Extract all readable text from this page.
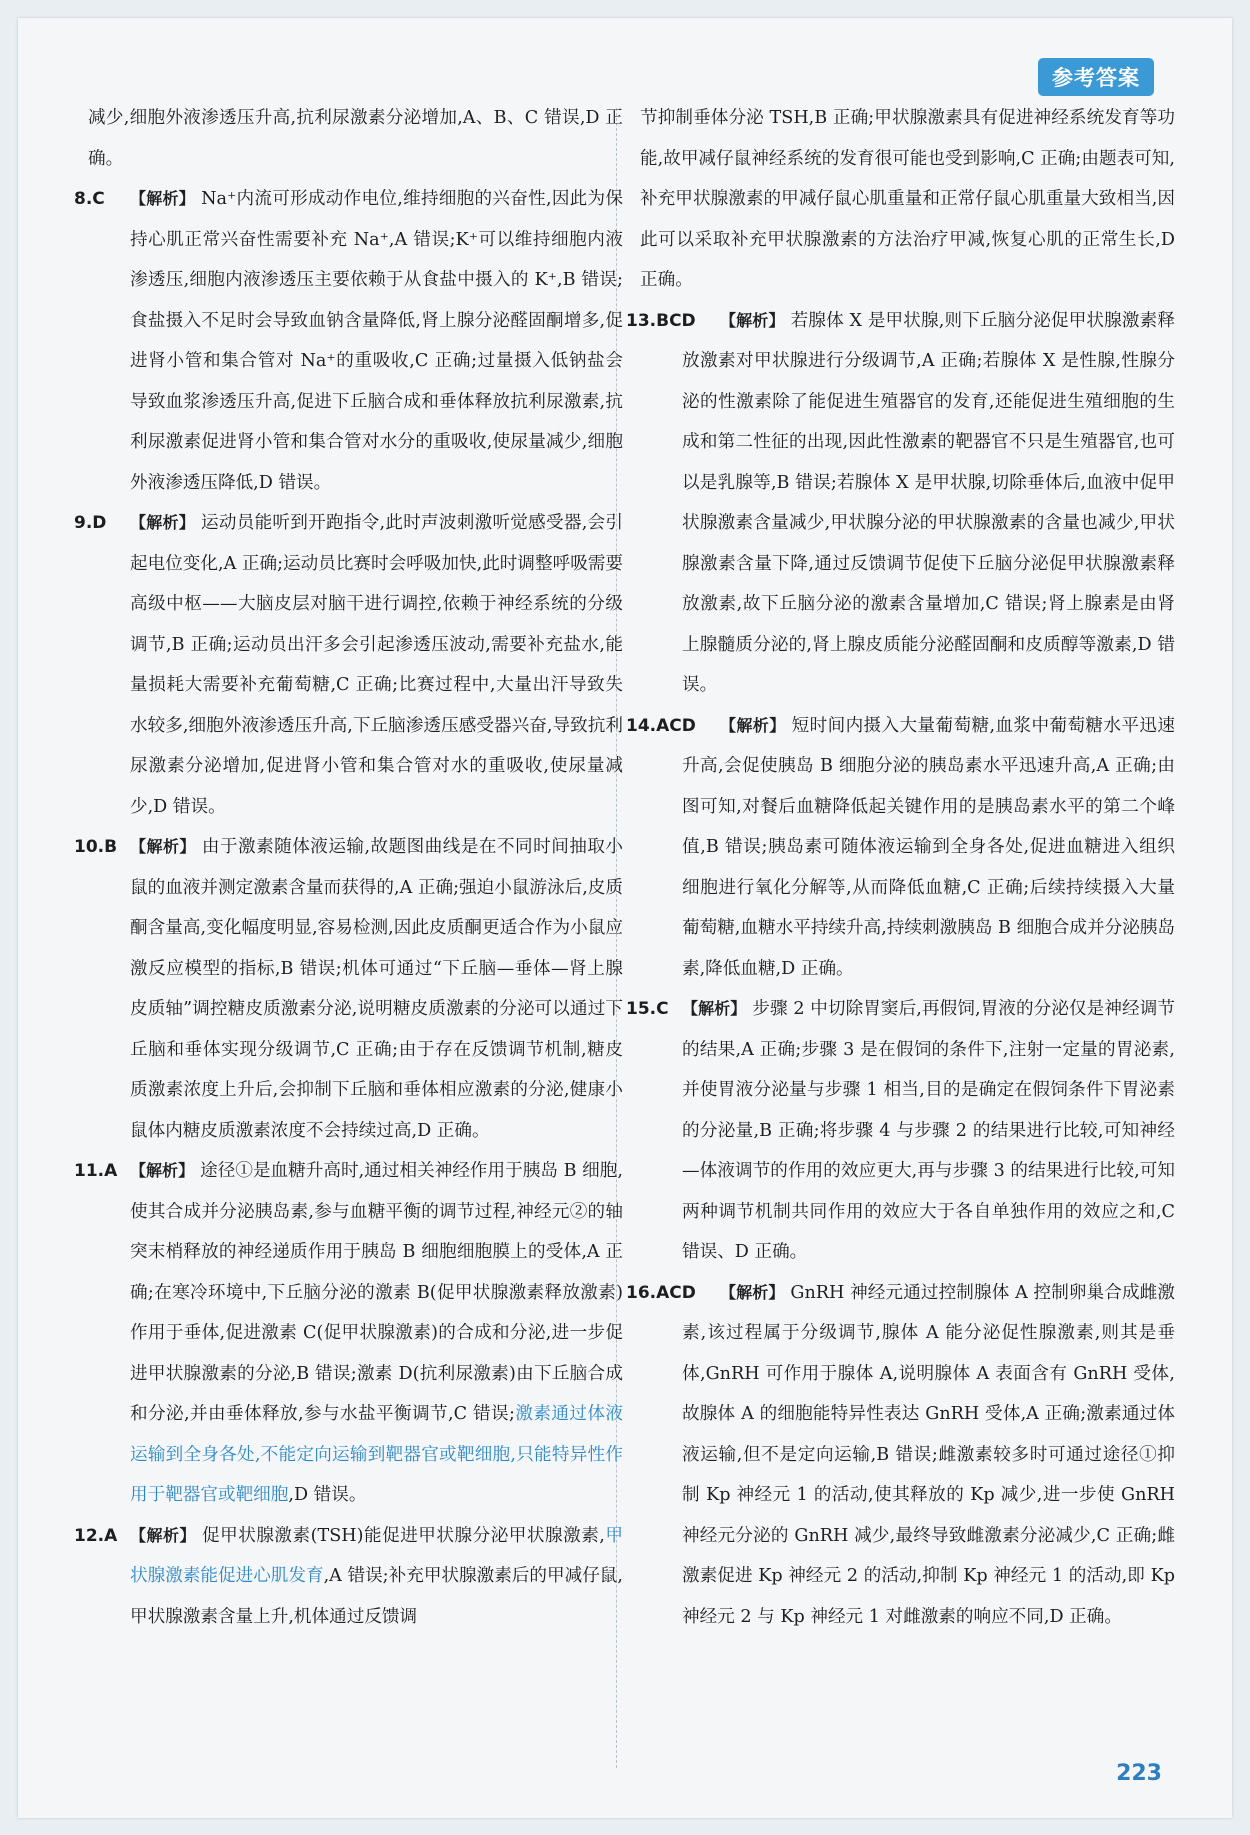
参考答案

减少,细胞外液渗透压升高,抗利尿激素分泌增加,A、B、C 错误,D 正确。

8.C 【解析】 Na⁺内流可形成动作电位,维持细胞的兴奋性,因此为保持心肌正常兴奋性需要补充 Na⁺,A 错误;K⁺可以维持细胞内液渗透压,细胞内液渗透压主要依赖于从食盐中摄入的 K⁺,B 错误;食盐摄入不足时会导致血钠含量降低,肾上腺分泌醛固酮增多,促进肾小管和集合管对 Na⁺的重吸收,C 正确;过量摄入低钠盐会导致血浆渗透压升高,促进下丘脑合成和垂体释放抗利尿激素,抗利尿激素促进肾小管和集合管对水分的重吸收,使尿量减少,细胞外液渗透压降低,D 错误。

9.D 【解析】 运动员能听到开跑指令,此时声波刺激听觉感受器,会引起电位变化,A 正确;运动员比赛时会呼吸加快,此时调整呼吸需要高级中枢——大脑皮层对脑干进行调控,依赖于神经系统的分级调节,B 正确;运动员出汗多会引起渗透压波动,需要补充盐水,能量损耗大需要补充葡萄糖,C 正确;比赛过程中,大量出汗导致失水较多,细胞外液渗透压升高,下丘脑渗透压感受器兴奋,导致抗利尿激素分泌增加,促进肾小管和集合管对水的重吸收,使尿量减少,D 错误。

10.B 【解析】 由于激素随体液运输,故题图曲线是在不同时间抽取小鼠的血液并测定激素含量而获得的,A 正确;强迫小鼠游泳后,皮质酮含量高,变化幅度明显,容易检测,因此皮质酮更适合作为小鼠应激反应模型的指标,B 错误;机体可通过“下丘脑—垂体—肾上腺皮质轴”调控糖皮质激素分泌,说明糖皮质激素的分泌可以通过下丘脑和垂体实现分级调节,C 正确;由于存在反馈调节机制,糖皮质激素浓度上升后,会抑制下丘脑和垂体相应激素的分泌,健康小鼠体内糖皮质激素浓度不会持续过高,D 正确。

11.A 【解析】 途径①是血糖升高时,通过相关神经作用于胰岛 B 细胞,使其合成并分泌胰岛素,参与血糖平衡的调节过程,神经元②的轴突末梢释放的神经递质作用于胰岛 B 细胞细胞膜上的受体,A 正确;在寒冷环境中,下丘脑分泌的激素 B(促甲状腺激素释放激素)作用于垂体,促进激素 C(促甲状腺激素)的合成和分泌,进一步促进甲状腺激素的分泌,B 错误;激素 D(抗利尿激素)由下丘脑合成和分泌,并由垂体释放,参与水盐平衡调节,C 错误;激素通过体液运输到全身各处,不能定向运输到靶器官或靶细胞,只能特异性作用于靶器官或靶细胞,D 错误。

12.A 【解析】 促甲状腺激素(TSH)能促进甲状腺分泌甲状腺激素,甲状腺激素能促进心肌发育,A 错误;补充甲状腺激素后的甲减仔鼠,甲状腺激素含量上升,机体通过反馈调

节抑制垂体分泌 TSH,B 正确;甲状腺激素具有促进神经系统发育等功能,故甲减仔鼠神经系统的发育很可能也受到影响,C 正确;由题表可知,补充甲状腺激素的甲减仔鼠心肌重量和正常仔鼠心肌重量大致相当,因此可以采取补充甲状腺激素的方法治疗甲减,恢复心肌的正常生长,D 正确。

13.BCD 【解析】 若腺体 X 是甲状腺,则下丘脑分泌促甲状腺激素释放激素对甲状腺进行分级调节,A 正确;若腺体 X 是性腺,性腺分泌的性激素除了能促进生殖器官的发育,还能促进生殖细胞的生成和第二性征的出现,因此性激素的靶器官不只是生殖器官,也可以是乳腺等,B 错误;若腺体 X 是甲状腺,切除垂体后,血液中促甲状腺激素含量减少,甲状腺分泌的甲状腺激素的含量也减少,甲状腺激素含量下降,通过反馈调节促使下丘脑分泌促甲状腺激素释放激素,故下丘脑分泌的激素含量增加,C 错误;肾上腺素是由肾上腺髓质分泌的,肾上腺皮质能分泌醛固酮和皮质醇等激素,D 错误。

14.ACD 【解析】 短时间内摄入大量葡萄糖,血浆中葡萄糖水平迅速升高,会促使胰岛 B 细胞分泌的胰岛素水平迅速升高,A 正确;由图可知,对餐后血糖降低起关键作用的是胰岛素水平的第二个峰值,B 错误;胰岛素可随体液运输到全身各处,促进血糖进入组织细胞进行氧化分解等,从而降低血糖,C 正确;后续持续摄入大量葡萄糖,血糖水平持续升高,持续刺激胰岛 B 细胞合成并分泌胰岛素,降低血糖,D 正确。

15.C 【解析】 步骤 2 中切除胃窦后,再假饲,胃液的分泌仅是神经调节的结果,A 正确;步骤 3 是在假饲的条件下,注射一定量的胃泌素,并使胃液分泌量与步骤 1 相当,目的是确定在假饲条件下胃泌素的分泌量,B 正确;将步骤 4 与步骤 2 的结果进行比较,可知神经—体液调节的作用的效应更大,再与步骤 3 的结果进行比较,可知两种调节机制共同作用的效应大于各自单独作用的效应之和,C 错误、D 正确。

16.ACD 【解析】 GnRH 神经元通过控制腺体 A 控制卵巢合成雌激素,该过程属于分级调节,腺体 A 能分泌促性腺激素,则其是垂体,GnRH 可作用于腺体 A,说明腺体 A 表面含有 GnRH 受体,故腺体 A 的细胞能特异性表达 GnRH 受体,A 正确;激素通过体液运输,但不是定向运输,B 错误;雌激素较多时可通过途径①抑制 Kp 神经元 1 的活动,使其释放的 Kp 减少,进一步使 GnRH 神经元分泌的 GnRH 减少,最终导致雌激素分泌减少,C 正确;雌激素促进 Kp 神经元 2 的活动,抑制 Kp 神经元 1 的活动,即 Kp 神经元 2 与 Kp 神经元 1 对雌激素的响应不同,D 正确。

223
